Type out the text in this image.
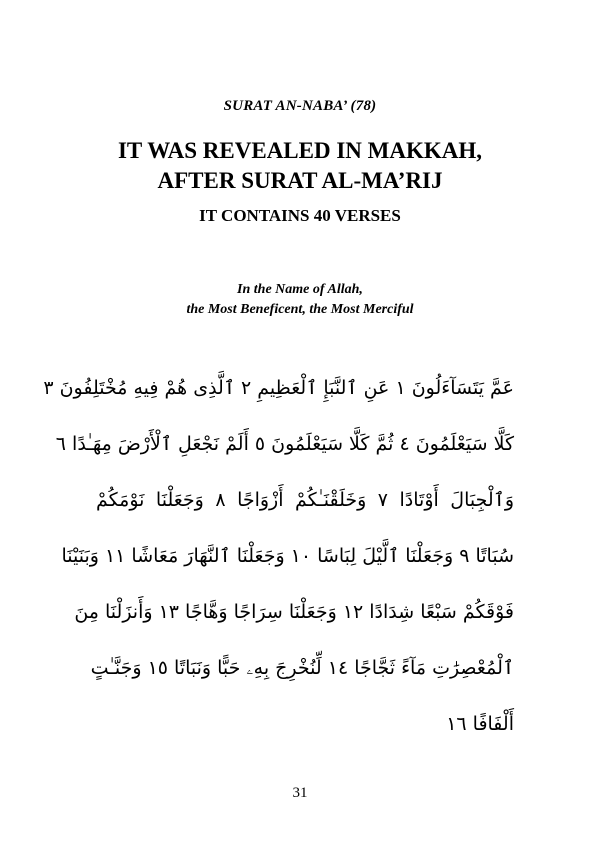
SURAT AN-NABA’ (78)
IT WAS REVEALED IN MAKKAH,
AFTER SURAT AL-MA’RIJ
IT CONTAINS 40 VERSES
In the Name of Allah,
the Most Beneficent, the Most Merciful
عَمَّ يَتَسَآءَلُونَ ١ عَنِ ٱلنَّبَإِ ٱلْعَظِيمِ ٢ ٱلَّذِى هُمْ فِيهِ مُخْتَلِفُونَ ٣
كَلَّا سَيَعْلَمُونَ ٤ ثُمَّ كَلَّا سَيَعْلَمُونَ ٥ أَلَمْ نَجْعَلِ ٱلْأَرْضَ مِهَـٰدًا ٦
وَٱلْجِبَالَ أَوْتَادًا ٧ وَخَلَقْنَـٰكُمْ أَزْوَاجًا ٨ وَجَعَلْنَا نَوْمَكُمْ
سُبَاتًا ٩ وَجَعَلْنَا ٱلَّيْلَ لِبَاسًا ١٠ وَجَعَلْنَا ٱلنَّهَارَ مَعَاشًا ١١ وَبَنَيْنَا
فَوْقَكُمْ سَبْعًا شِدَادًا ١٢ وَجَعَلْنَا سِرَاجًا وَهَّاجًا ١٣ وَأَنزَلْنَا مِنَ
ٱلْمُعْصِرَٰتِ مَآءً ثَجَّاجًا ١٤ لِّنُخْرِجَ بِهِۦ حَبًّا وَنَبَاتًا ١٥ وَجَنَّـٰتٍ
أَلْفَافًا ١٦
31
